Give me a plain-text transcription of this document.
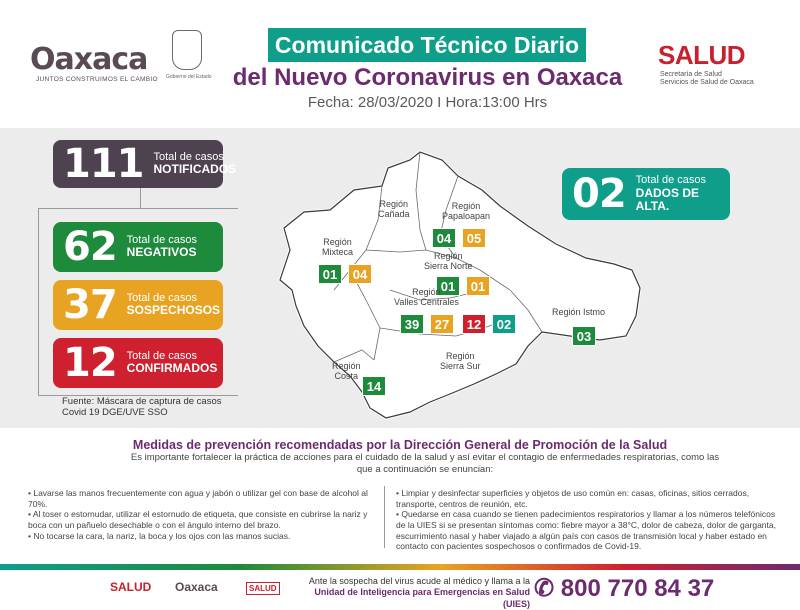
Oaxaca
JUNTOS CONSTRUIMOS EL CAMBIO Gobierno del Estado
Comunicado Técnico Diario
del Nuevo Coronavirus en Oaxaca
Fecha: 28/03/2020 I Hora:13:00 Hrs
SALUD
Secretaría de Salud
Servicios de Salud de Oaxaca
111 Total de casos
NOTIFICADOS
62 Total de casos
NEGATIVOS
37 Total de casos
SOSPECHOSOS
12 Total de casos
CONFIRMADOS
Fuente: Máscara de captura de casos Covid 19 DGE/UVE SSO
02 Total de casos
DADOS DE ALTA.
Región
Cañada
Región
Papaloapan
04	05
Región
Mixteca
01	04
Región
Sierra Norte
01	01
Región
Valles Centrales
39	27	12	02
Región Istmo
03
Región
Costa
14
Región
Sierra Sur
Medidas de prevención recomendadas por la Dirección General de Promoción de la Salud
Es importante fortalecer la práctica de acciones para el cuidado de la salud y así evitar el contagio de enfermedades respiratorias, como las
que a continuación se enuncian:
• Lavarse las manos frecuentemente con agua y jabón o utilizar gel con base de alcohol al 70%.
• Al toser o estornudar, utilizar el estornudo de etiqueta, que consiste en cubrirse la nariz y boca con un pañuelo desechable o con el ángulo interno del brazo.
• No tocarse la cara, la nariz, la boca y los ojos con las manos sucias.
• Limpiar y desinfectar superficies y objetos de uso común en: casas, oficinas, sitios cerrados, transporte, centros de reunión, etc.
• Quedarse en casa cuando se tienen padecimientos respiratorios y llamar a los números telefónicos de la UIES si se presentan síntomas como: fiebre mayor a 38°C, dolor de cabeza, dolor de garganta, escurrimiento nasal y haber viajado a algún país con casos de transmisión local y haber estado en contacto con pacientes sospechosos o confirmados de Covid-19.
SALUD Oaxaca	SALUD
Ante la sospecha del virus acude al médico y llama a la
Unidad de Inteligencia para Emergencias en Salud (UIES)
✆ 800 770 84 37
